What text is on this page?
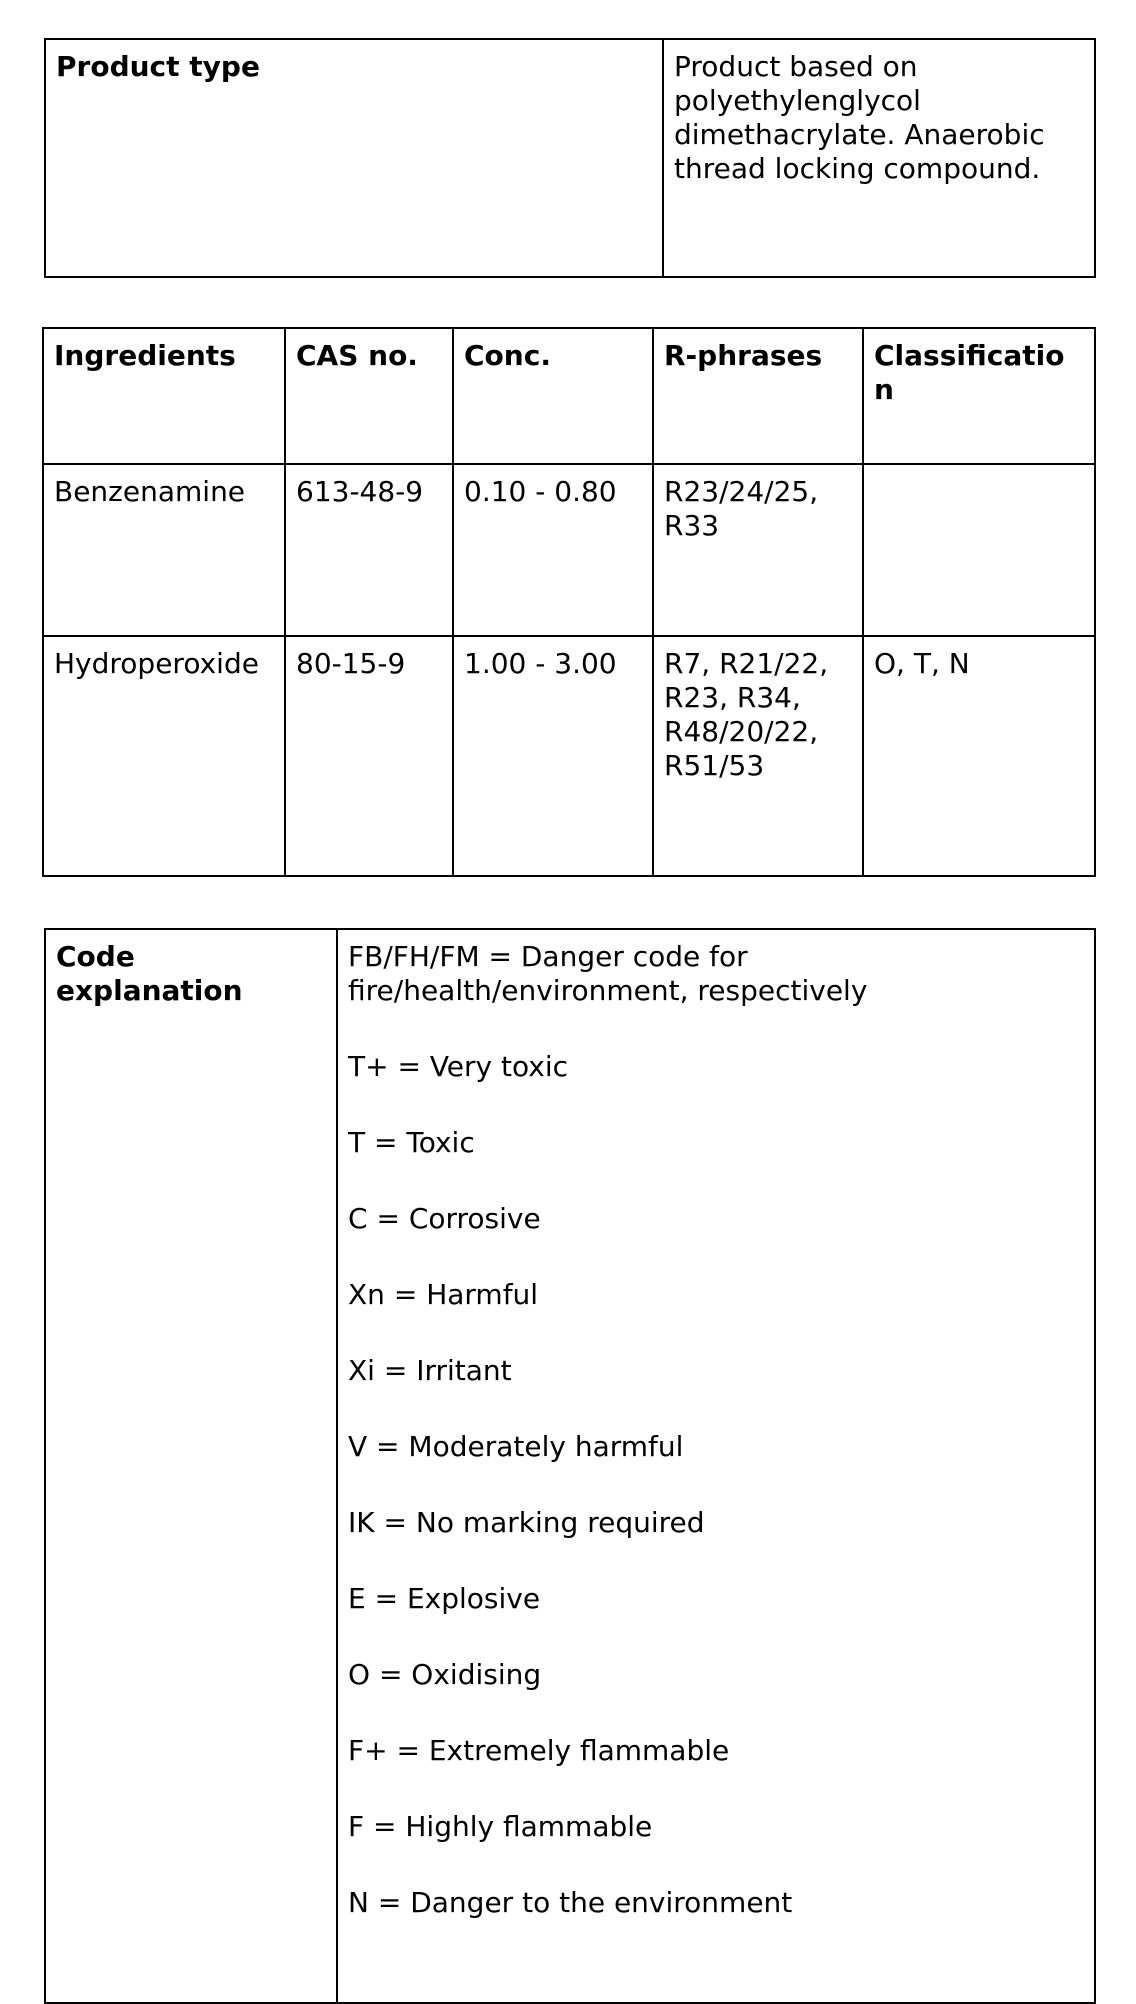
Product type	Product based on polyethylenglycol dimethacrylate. Anaerobic thread locking compound.
Ingredients	CAS no.	Conc.	R-phrases	Classification
Benzenamine	613-48-9	0.10 - 0.80	R23/24/25, R33	
Hydroperoxide	80-15-9	1.00 - 3.00	R7, R21/22, R23, R34, R48/20/22, R51/53	O, T, N
Code explanation	
FB/FH/FM = Danger code for fire/health/environment, respectively
T+ = Very toxic
T = Toxic
C = Corrosive
Xn = Harmful
Xi = Irritant
V = Moderately harmful
IK = No marking required
E = Explosive
O = Oxidising
F+ = Extremely flammable
F = Highly flammable
N = Danger to the environment
